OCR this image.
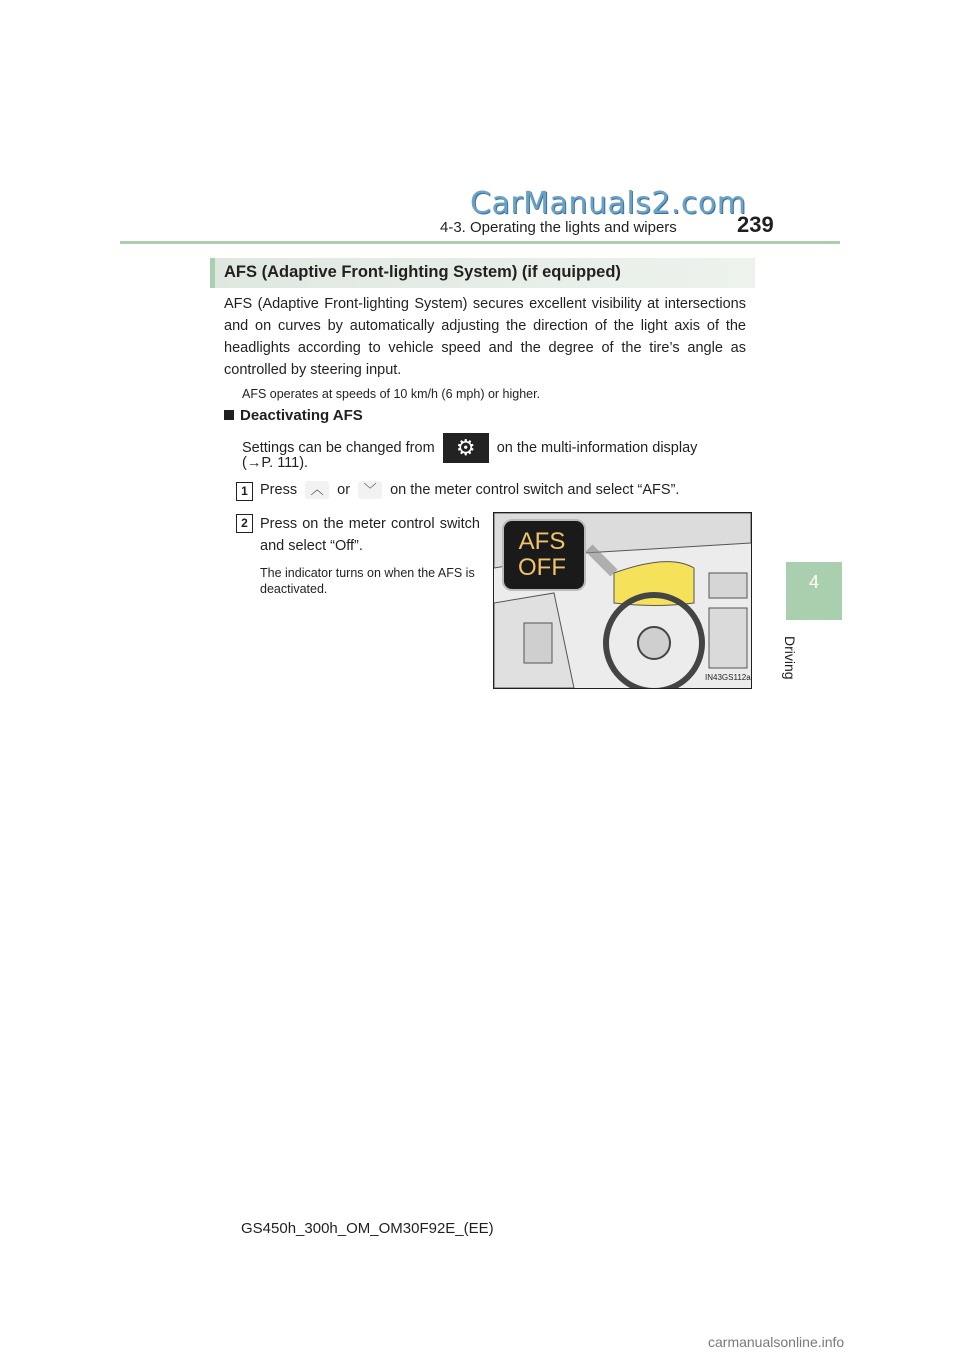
CarManuals2.com
4-3. Operating the lights and wipers	239
4
Driving
AFS (Adaptive Front-lighting System) (if equipped)
AFS (Adaptive Front-lighting System) secures excellent visibility at intersections and on curves by automatically adjusting the direction of the light axis of the headlights according to vehicle speed and the degree of the tire’s angle as controlled by steering input.
AFS operates at speeds of 10 km/h (6 mph) or higher.
Deactivating AFS
Settings can be changed from ⚙ on the multi-information display
(→P. 111).
1 Press ︿ or ﹀ on the meter control switch and select “AFS”.
2 Press on the meter control switch and select “Off”.
The indicator turns on when the AFS is deactivated.
AFS
OFF
IN43GS112a
GS450h_300h_OM_OM30F92E_(EE)
carmanualsonline.info
